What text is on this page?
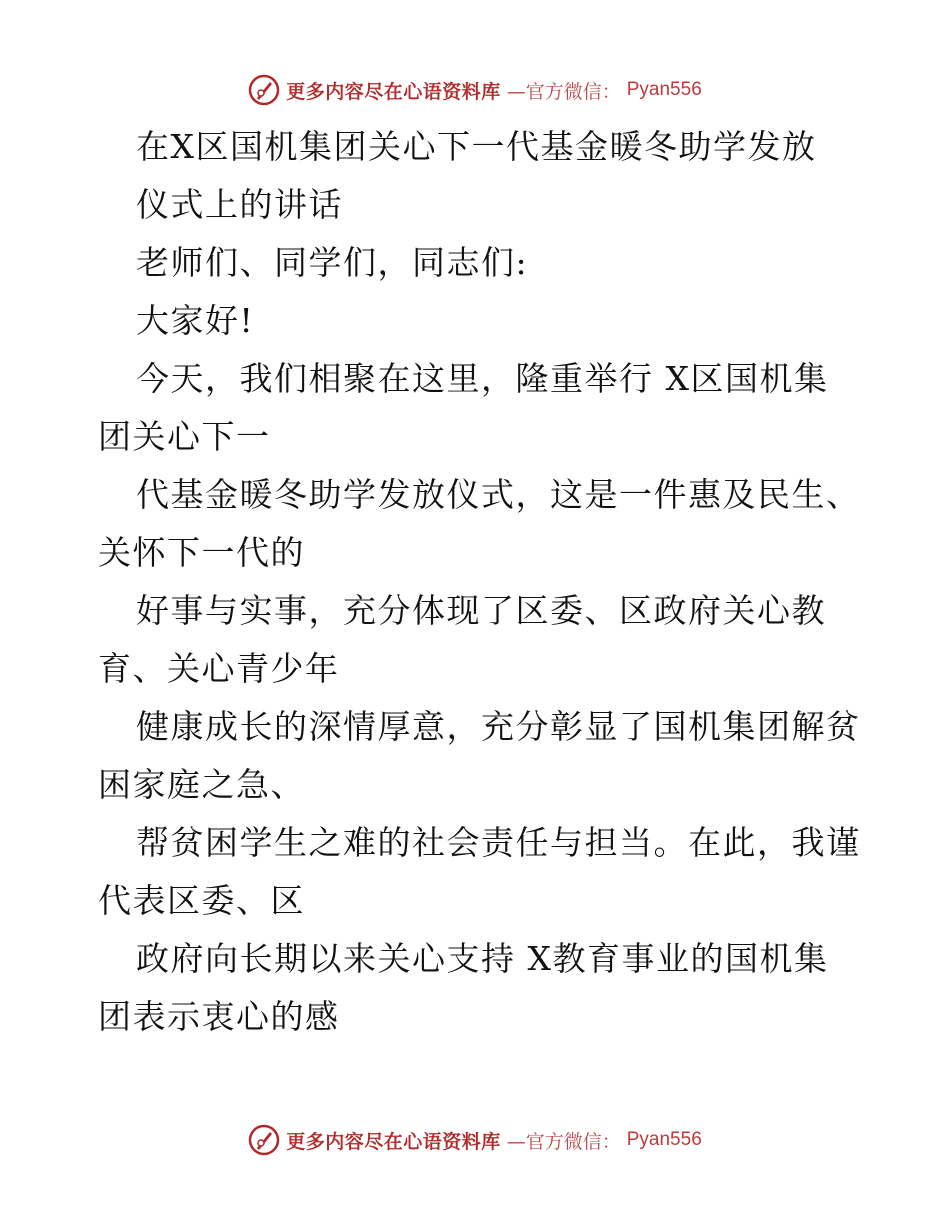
更多内容尽在心语资料库 —官方微信： Pyan556
在X区国机集团关心下一代基金暖冬助学发放
仪式上的讲话
老师们、同学们，同志们:
大家好!
今天，我们相聚在这里，隆重举行 X区国机集
团关心下一
代基金暖冬助学发放仪式，这是一件惠及民生、
关怀下一代的
好事与实事，充分体现了区委、区政府关心教
育、关心青少年
健康成长的深情厚意，充分彰显了国机集团解贫
困家庭之急、
帮贫困学生之难的社会责任与担当。在此，我谨
代表区委、区
政府向长期以来关心支持 X教育事业的国机集
团表示衷心的感
更多内容尽在心语资料库 —官方微信： Pyan556
